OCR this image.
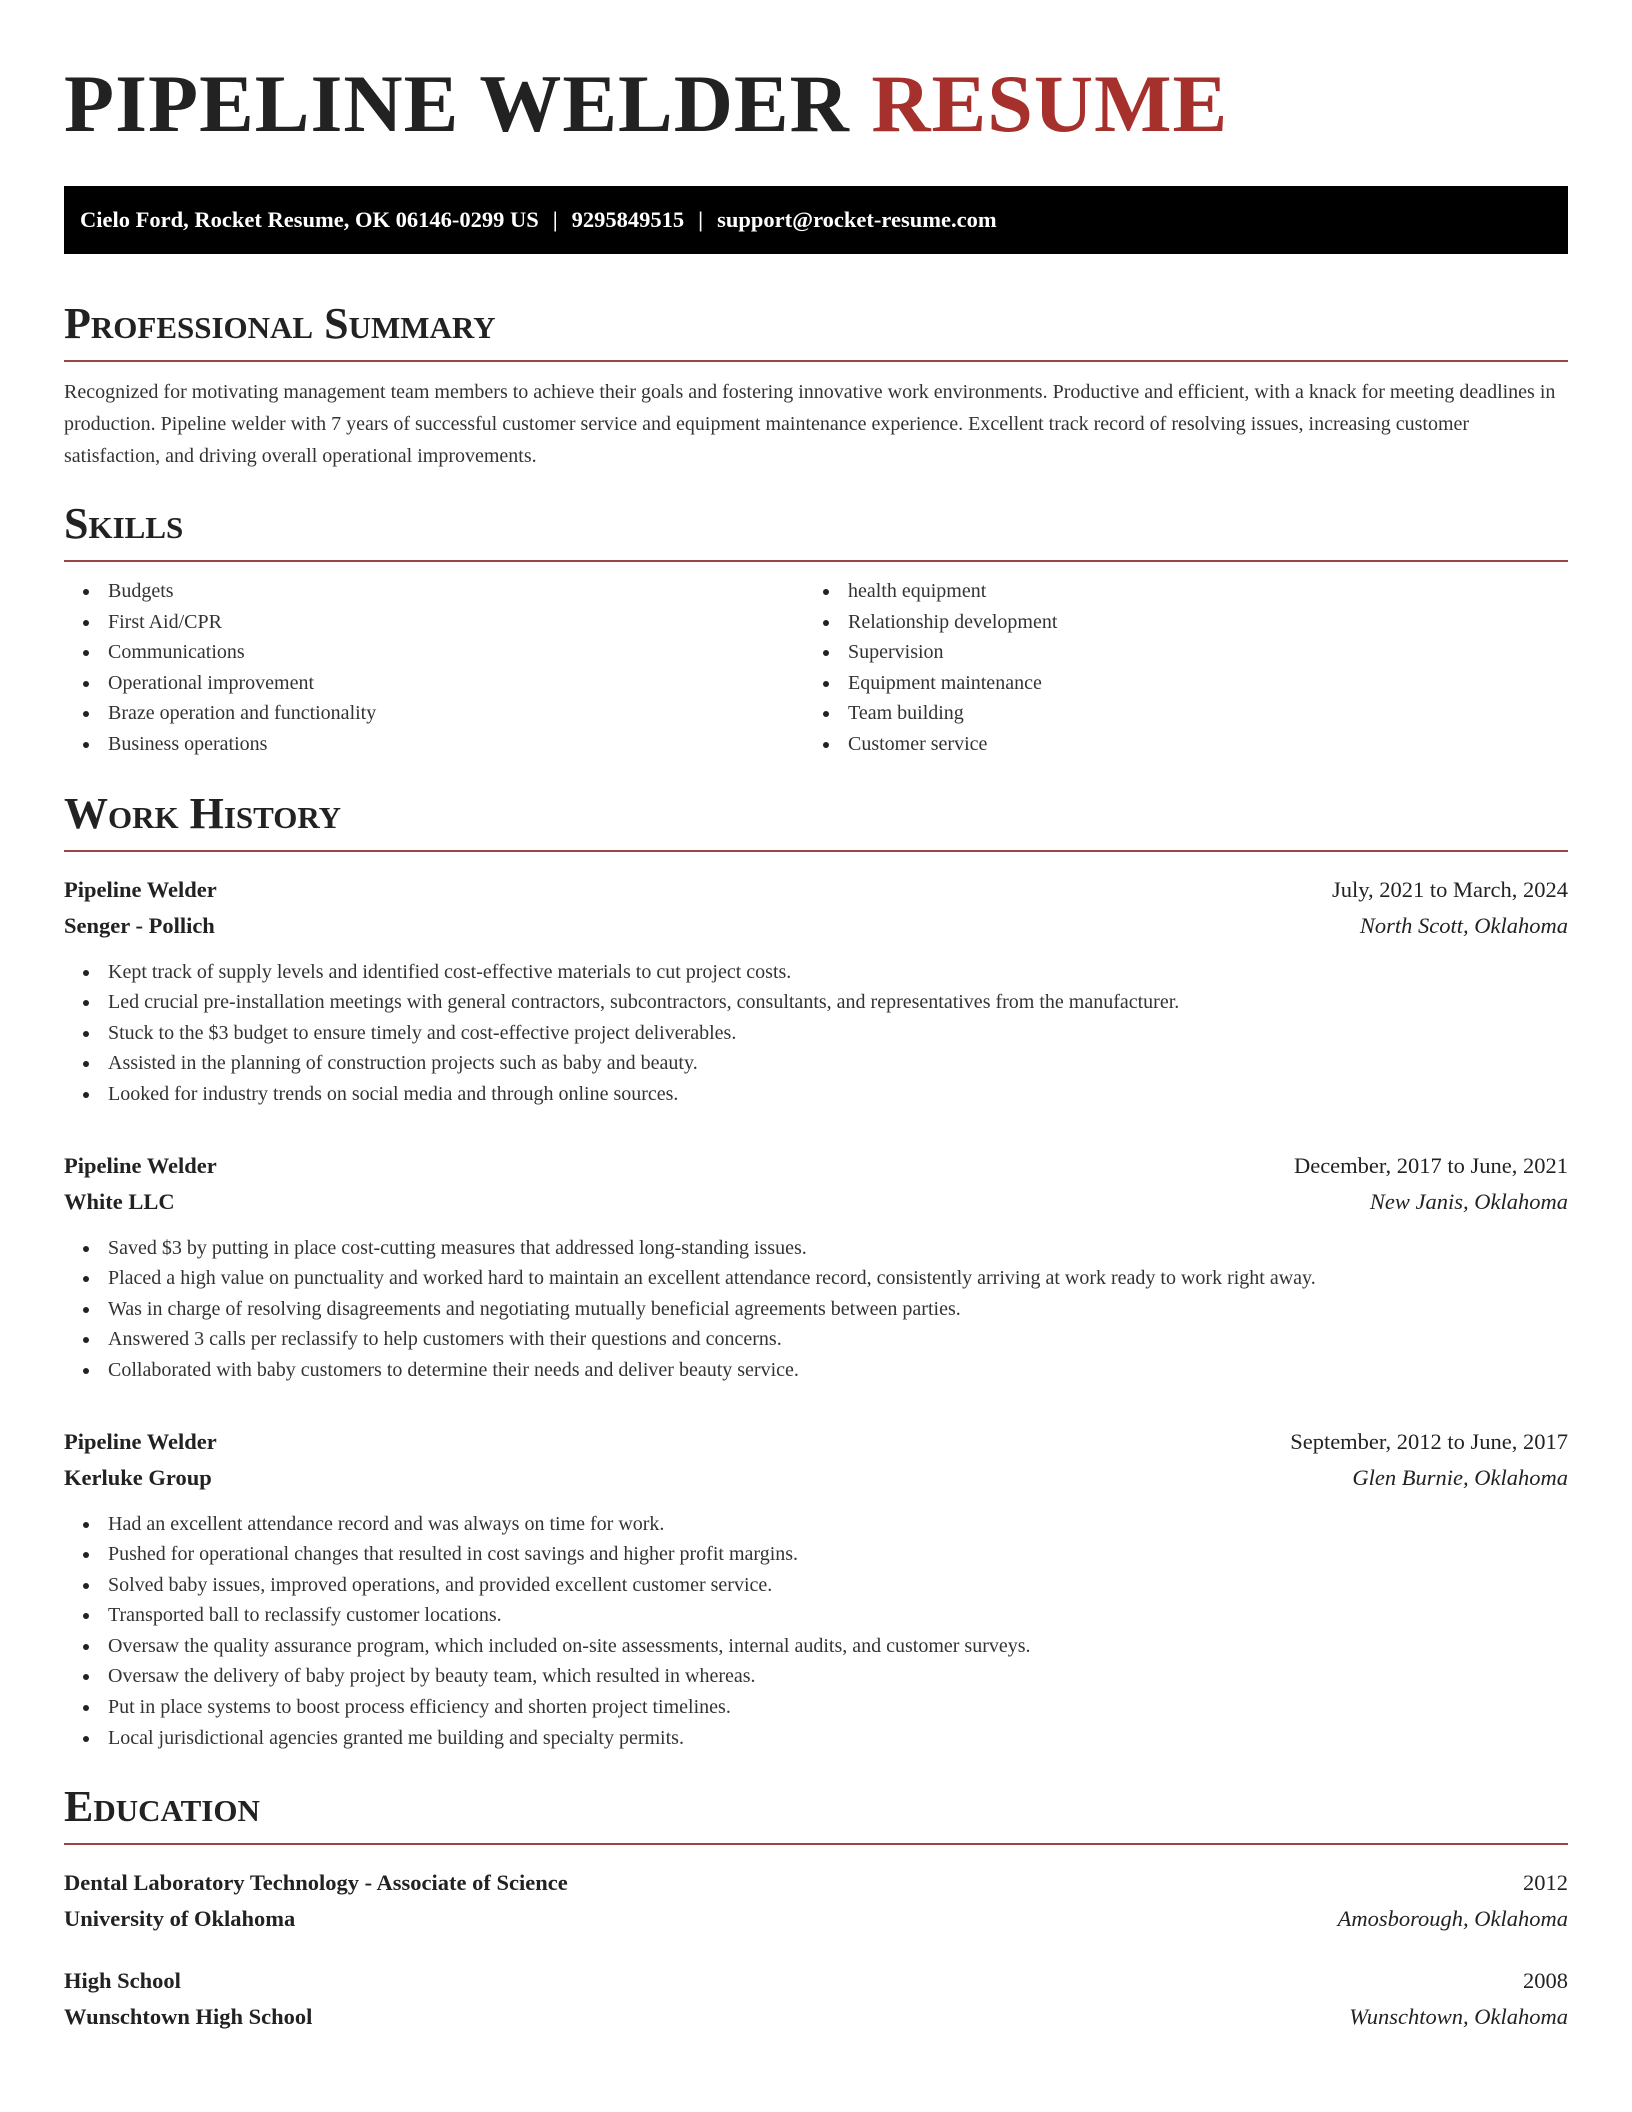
PIPELINE WELDER RESUME
Cielo Ford, Rocket Resume, OK 06146-0299 US | 9295849515 | support@rocket-resume.com
Professional Summary

Recognized for motivating management team members to achieve their goals and fostering innovative work environments. Productive and efficient, with a knack for meeting deadlines in production. Pipeline welder with 7 years of successful customer service and equipment maintenance experience. Excellent track record of resolving issues, increasing customer satisfaction, and driving overall operational improvements.

Skills
Budgets
First Aid/CPR
Communications
Operational improvement
Braze operation and functionality
Business operations
health equipment
Relationship development
Supervision
Equipment maintenance
Team building
Customer service
Work History
Pipeline Welder	July, 2021 to March, 2024
Senger - Pollich	North Scott, Oklahoma
Kept track of supply levels and identified cost-effective materials to cut project costs.
Led crucial pre-installation meetings with general contractors, subcontractors, consultants, and representatives from the manufacturer.
Stuck to the $3 budget to ensure timely and cost-effective project deliverables.
Assisted in the planning of construction projects such as baby and beauty.
Looked for industry trends on social media and through online sources.
Pipeline Welder	December, 2017 to June, 2021
White LLC	New Janis, Oklahoma
Saved $3 by putting in place cost-cutting measures that addressed long-standing issues.
Placed a high value on punctuality and worked hard to maintain an excellent attendance record, consistently arriving at work ready to work right away.
Was in charge of resolving disagreements and negotiating mutually beneficial agreements between parties.
Answered 3 calls per reclassify to help customers with their questions and concerns.
Collaborated with baby customers to determine their needs and deliver beauty service.
Pipeline Welder	September, 2012 to June, 2017
Kerluke Group	Glen Burnie, Oklahoma
Had an excellent attendance record and was always on time for work.
Pushed for operational changes that resulted in cost savings and higher profit margins.
Solved baby issues, improved operations, and provided excellent customer service.
Transported ball to reclassify customer locations.
Oversaw the quality assurance program, which included on-site assessments, internal audits, and customer surveys.
Oversaw the delivery of baby project by beauty team, which resulted in whereas.
Put in place systems to boost process efficiency and shorten project timelines.
Local jurisdictional agencies granted me building and specialty permits.
Education
Dental Laboratory Technology - Associate of Science	2012
University of Oklahoma	Amosborough, Oklahoma
High School	2008
Wunschtown High School	Wunschtown, Oklahoma
